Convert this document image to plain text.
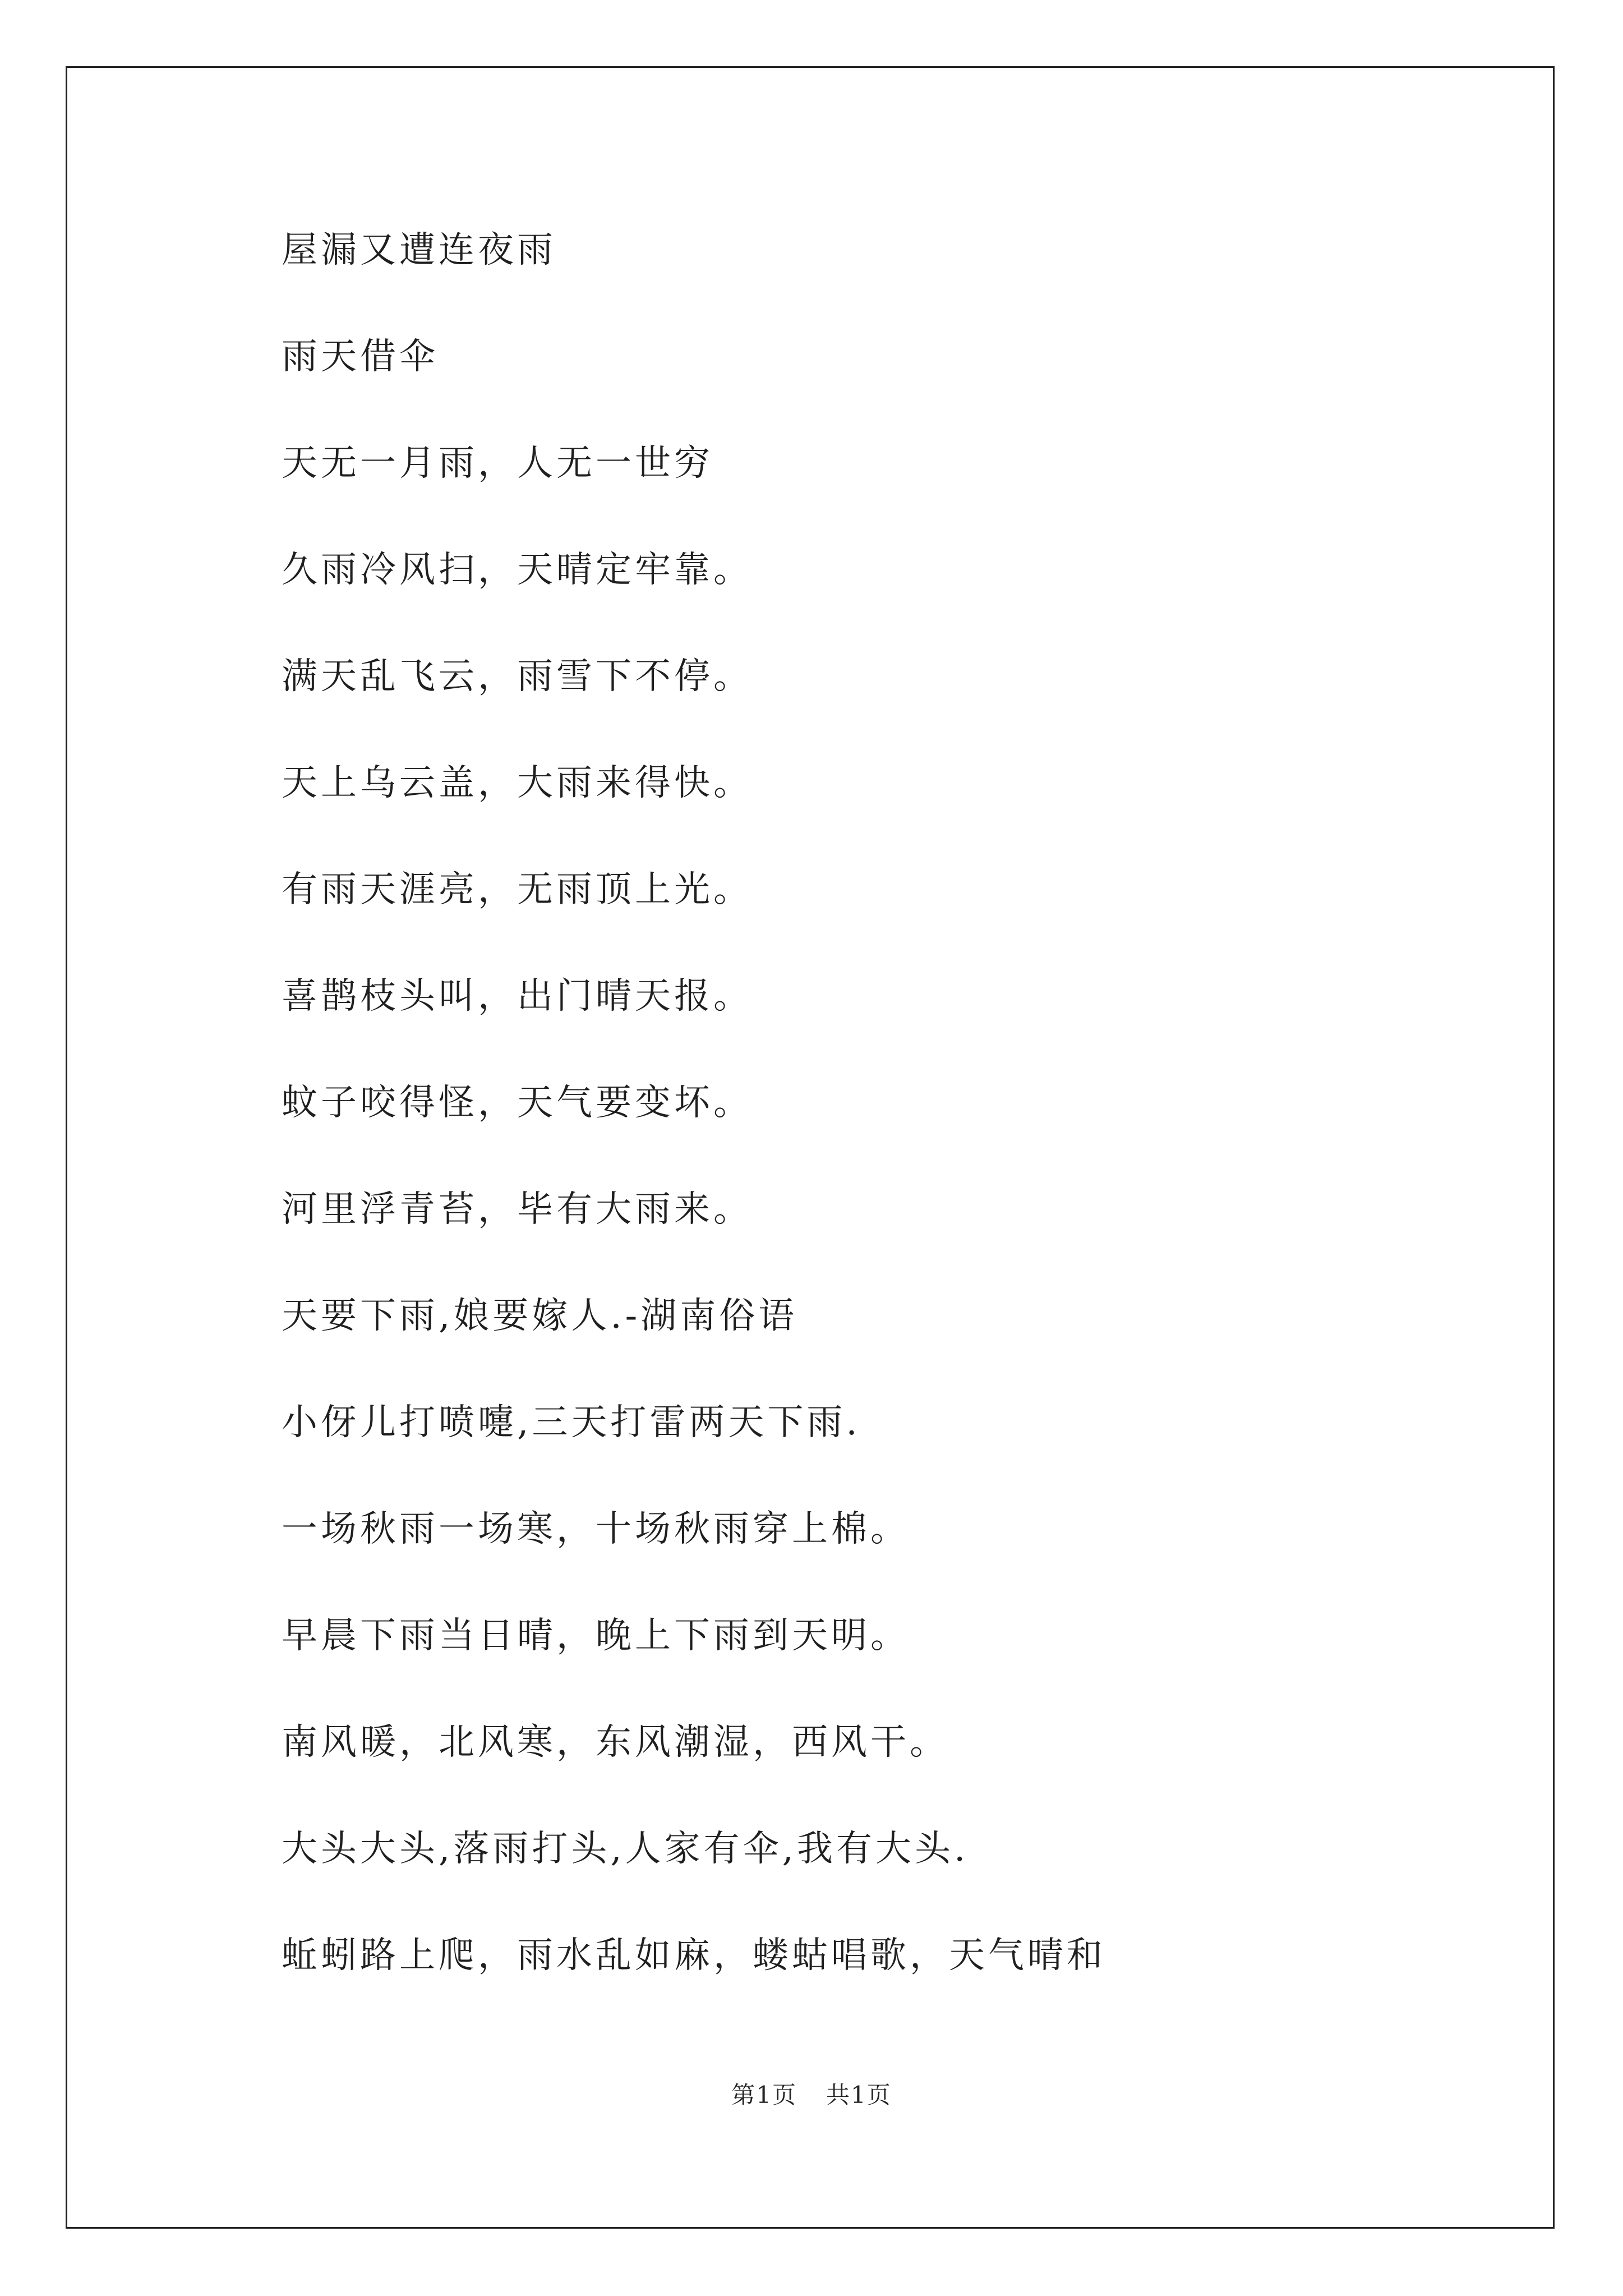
屋漏又遭连夜雨
雨天借伞
天无一月雨，人无一世穷
久雨冷风扫，天晴定牢靠。
满天乱飞云，雨雪下不停。
天上乌云盖，大雨来得快。
有雨天涯亮，无雨顶上光。
喜鹊枝头叫，出门晴天报。
蚊子咬得怪，天气要变坏。
河里浮青苔，毕有大雨来。
天要下雨,娘要嫁人.-湖南俗语
小伢儿打喷嚏,三天打雷两天下雨.
一场秋雨一场寒，十场秋雨穿上棉。
早晨下雨当日晴，晚上下雨到天明。
南风暖，北风寒，东风潮湿，西风干。
大头大头,落雨打头,人家有伞,我有大头.
蚯蚓路上爬，雨水乱如麻，蝼蛄唱歌，天气晴和
第1页 共1页
